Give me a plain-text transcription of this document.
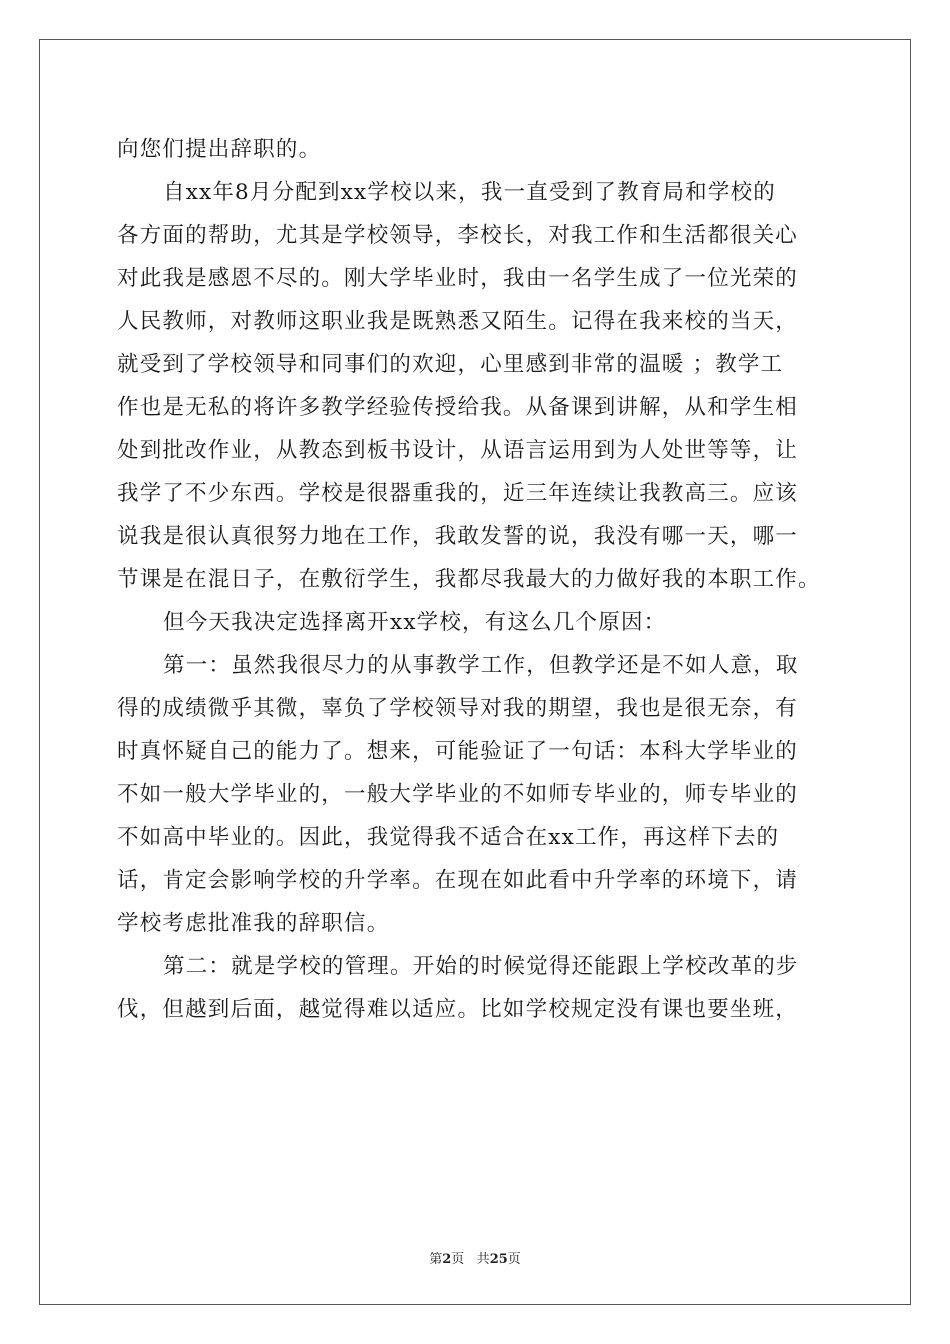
向您们提出辞职的。
自xx年8月分配到xx学校以来，我一直受到了教育局和学校的
各方面的帮助，尤其是学校领导，李校长，对我工作和生活都很关心
对此我是感恩不尽的。刚大学毕业时，我由一名学生成了一位光荣的
人民教师，对教师这职业我是既熟悉又陌生。记得在我来校的当天，
就受到了学校领导和同事们的欢迎，心里感到非常的温暖 ；教学工
作也是无私的将许多教学经验传授给我。从备课到讲解，从和学生相
处到批改作业，从教态到板书设计，从语言运用到为人处世等等，让
我学了不少东西。学校是很器重我的，近三年连续让我教高三。应该
说我是很认真很努力地在工作，我敢发誓的说，我没有哪一天，哪一
节课是在混日子，在敷衍学生，我都尽我最大的力做好我的本职工作。
但今天我决定选择离开xx学校，有这么几个原因：
第一：虽然我很尽力的从事教学工作，但教学还是不如人意，取
得的成绩微乎其微，辜负了学校领导对我的期望，我也是很无奈，有
时真怀疑自己的能力了。想来，可能验证了一句话：本科大学毕业的
不如一般大学毕业的，一般大学毕业的不如师专毕业的，师专毕业的
不如高中毕业的。因此，我觉得我不适合在xx工作，再这样下去的
话，肯定会影响学校的升学率。在现在如此看中升学率的环境下，请
学校考虑批准我的辞职信。
第二：就是学校的管理。开始的时候觉得还能跟上学校改革的步
伐，但越到后面，越觉得难以适应。比如学校规定没有课也要坐班，
第2页 共25页
